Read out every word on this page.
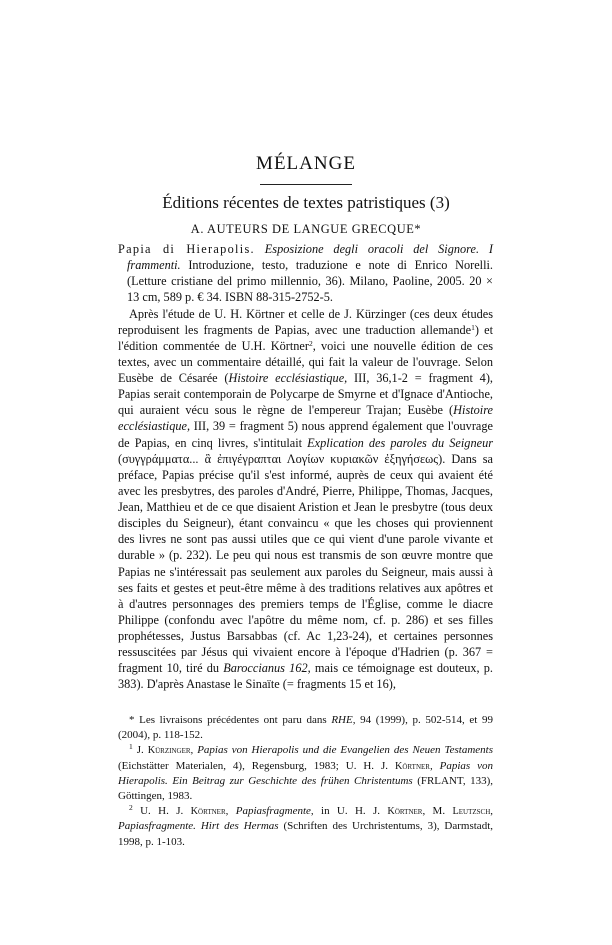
MÉLANGE
Éditions récentes de textes patristiques (3)
A. AUTEURS DE LANGUE GRECQUE*

Papia di Hierapolis. Esposizione degli oracoli del Signore. I frammenti. Introduzione, testo, traduzione e note di Enrico Norelli. (Letture cristiane del primo millennio, 36). Milano, Paoline, 2005. 20 × 13 cm, 589 p. € 34. ISBN 88-315-2752-5.

Après l'étude de U. H. Körtner et celle de J. Kürzinger (ces deux études reproduisent les fragments de Papias, avec une traduction allemande$^1$) et l'édition commentée de U.H. Körtner$^2$, voici une nouvelle édition de ces textes, avec un commentaire détaillé, qui fait la valeur de l'ouvrage. Selon Eusèbe de Césarée (Histoire ecclésiastique, III, 36,1-2 = fragment 4), Papias serait contemporain de Polycarpe de Smyrne et d'Ignace d'Antioche, qui auraient vécu sous le règne de l'empereur Trajan; Eusèbe (Histoire ecclésiastique, III, 39 = fragment 5) nous apprend également que l'ouvrage de Papias, en cinq livres, s'intitulait Explication des paroles du Seigneur (συγγράμματα... ἃ ἐπιγέγραπται Λογίων κυριακῶν ἐξηγήσεως). Dans sa préface, Papias précise qu'il s'est informé, auprès de ceux qui avaient été avec les presbytres, des paroles d'André, Pierre, Philippe, Thomas, Jacques, Jean, Matthieu et de ce que disaient Aristion et Jean le presbytre (tous deux disciples du Seigneur), étant convaincu « que les choses qui proviennent des livres ne sont pas aussi utiles que ce qui vient d'une parole vivante et durable » (p. 232). Le peu qui nous est transmis de son œuvre montre que Papias ne s'intéressait pas seulement aux paroles du Seigneur, mais aussi à ses faits et gestes et peut-être même à des traditions relatives aux apôtres et à d'autres personnages des premiers temps de l'Église, comme le diacre Philippe (confondu avec l'apôtre du même nom, cf. p. 286) et ses filles prophétesses, Justus Barsabbas (cf. Ac 1,23-24), et certaines personnes ressuscitées par Jésus qui vivaient encore à l'époque d'Hadrien (p. 367 = fragment 10, tiré du Baroccianus 162, mais ce témoignage est douteux, p. 383). D'après Anastase le Sinaïte (= fragments 15 et 16),

* Les livraisons précédentes ont paru dans RHE, 94 (1999), p. 502-514, et 99 (2004), p. 118-152.

$^1$ J. Kürzinger, Papias von Hierapolis und die Evangelien des Neuen Testaments (Eichstätter Materialen, 4), Regensburg, 1983; U. H. J. Körtner, Papias von Hierapolis. Ein Beitrag zur Geschichte des frühen Christentums (FRLANT, 133), Göttingen, 1983.

$^2$ U. H. J. Körtner, Papiasfragmente, in U. H. J. Körtner, M. Leutzsch, Papiasfragmente. Hirt des Hermas (Schriften des Urchristentums, 3), Darmstadt, 1998, p. 1-103.
